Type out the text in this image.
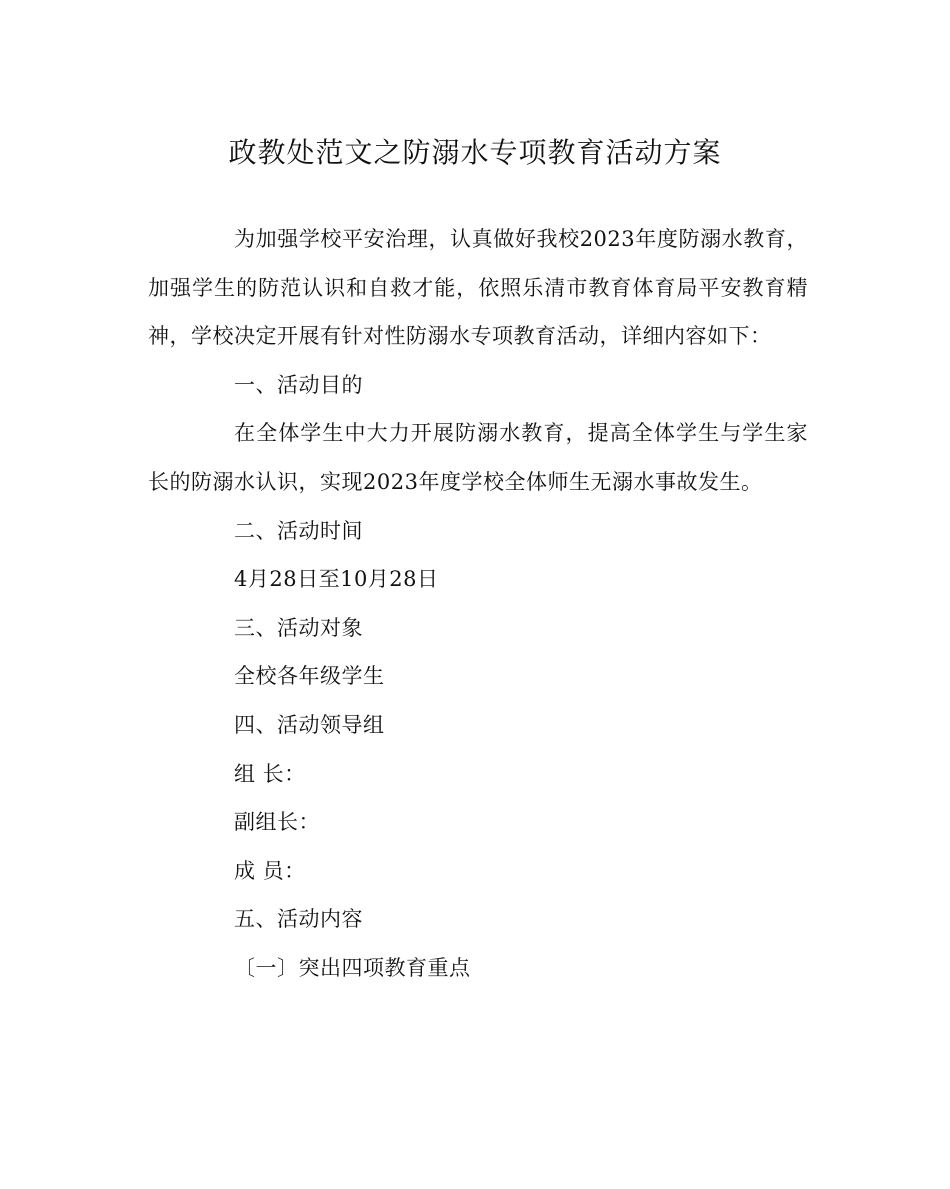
政教处范文之防溺水专项教育活动方案

为加强学校平安治理，认真做好我校2023年度防溺水教育，加强学生的防范认识和自救才能，依照乐清市教育体育局平安教育精神，学校决定开展有针对性防溺水专项教育活动，详细内容如下：

一、活动目的

在全体学生中大力开展防溺水教育，提高全体学生与学生家长的防溺水认识，实现2023年度学校全体师生无溺水事故发生。

二、活动时间

4月28日至10月28日

三、活动对象

全校各年级学生

四、活动领导组

组 长：

副组长：

成 员：

五、活动内容

〔一〕突出四项教育重点
